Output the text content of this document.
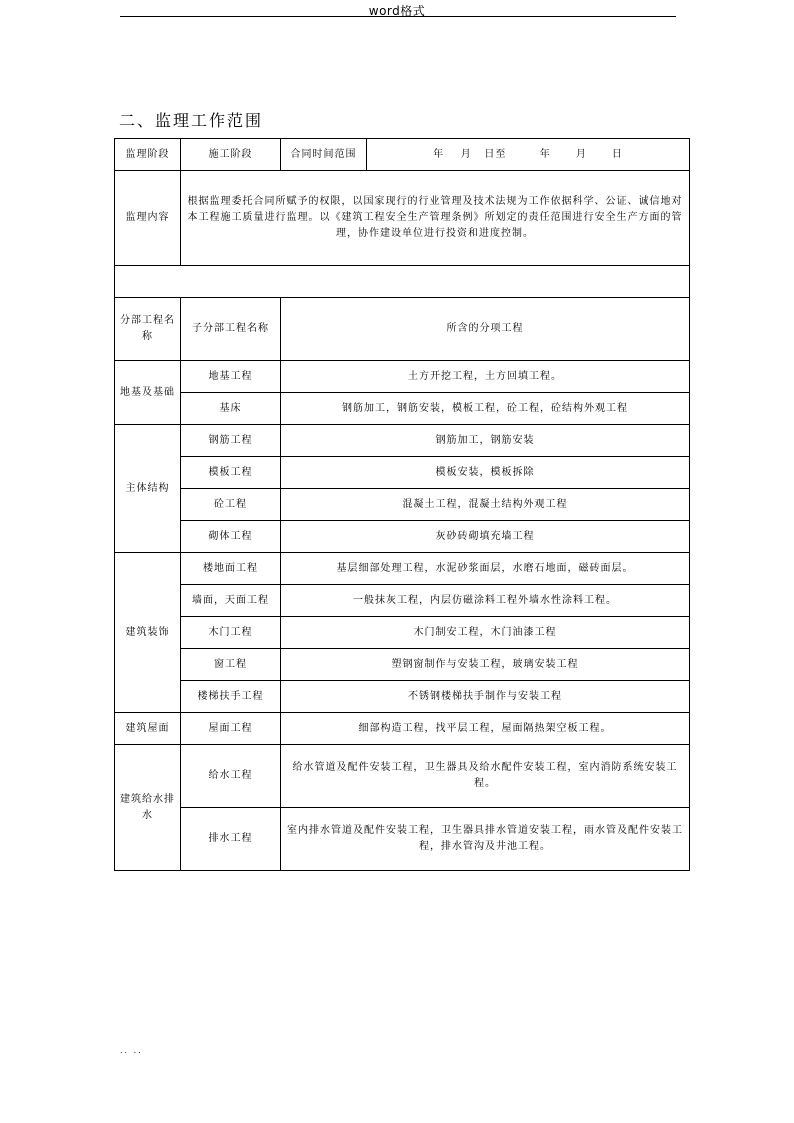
word格式
二、监理工作范围
监理阶段	施工阶段	合同时间范围	年    月   日至        年      月      日
监理内容	根据监理委托合同所赋予的权限，以国家现行的行业管理及技术法规为工作依据科学、公证、诚信地对本工程施工质量进行监理。以《建筑工程安全生产管理条例》所划定的责任范围进行安全生产方面的管理，协作建设单位进行投资和进度控制。		

分部工程名称	子分部工程名称	所含的分项工程	
地基及基础	地基工程	土方开挖工程，土方回填工程。	
	基床	钢筋加工，钢筋安装，模板工程，砼工程，砼结构外观工程	
主体结构	钢筋工程	钢筋加工，钢筋安装	
	模板工程	模板安装，模板拆除	
	砼工程	混凝土工程，混凝土结构外观工程	
	砌体工程	灰砂砖砌填充墙工程	
建筑装饰	楼地面工程	基层细部处理工程，水泥砂浆面层，水磨石地面，磁砖面层。	
	墙面，天面工程	一般抹灰工程，内层仿磁涂料工程外墙水性涂料工程。	
	木门工程	木门制安工程，木门油漆工程	
	窗工程	塑钢窗制作与安装工程，玻璃安装工程	
	楼梯扶手工程	不锈钢楼梯扶手制作与安装工程	
建筑屋面	屋面工程	细部构造工程，找平层工程，屋面隔热架空板工程。	
建筑给水排水	给水工程	给水管道及配件安装工程，卫生器具及给水配件安装工程，室内消防系统安装工程。	
	排水工程	室内排水管道及配件安装工程，卫生器具排水管道安装工程，雨水管及配件安装工程，排水管沟及井池工程。	
.. ..
